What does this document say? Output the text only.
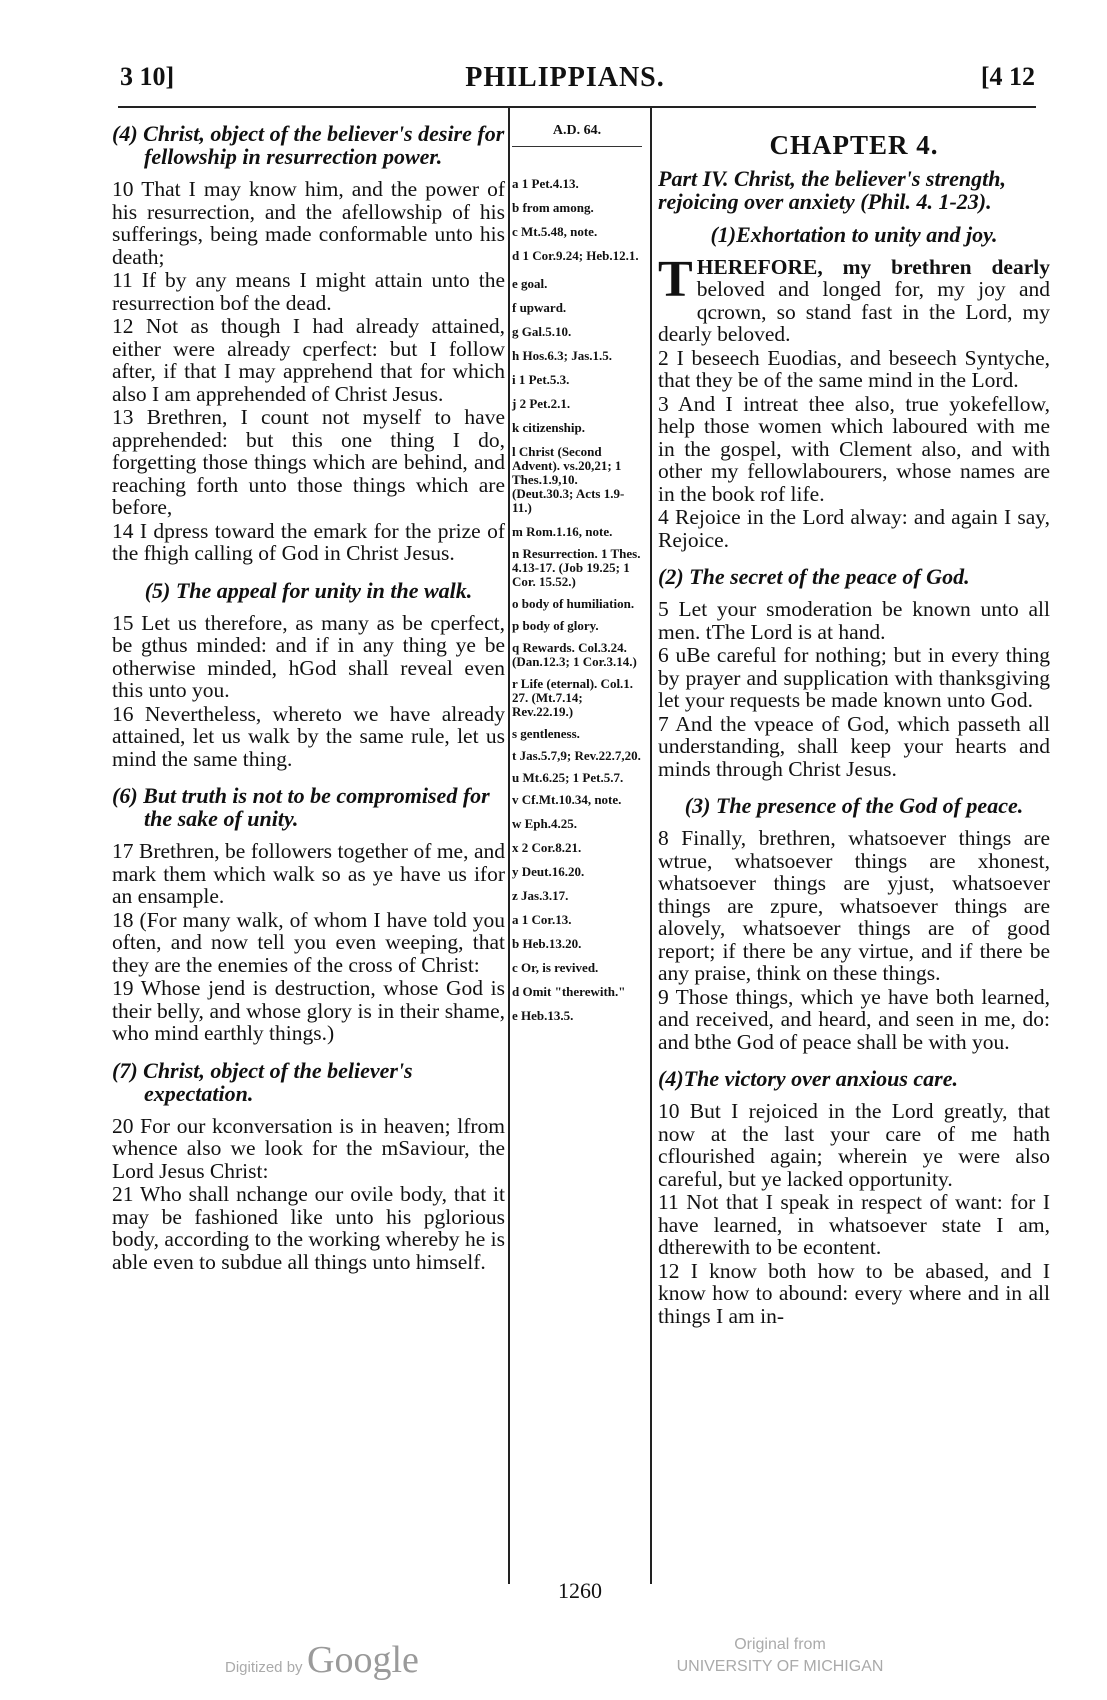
3 10]	PHILIPPIANS.	[4 12
(4) Christ, object of the believer's desire for fellowship in resurrection power.

10 That I may know him, and the power of his resurrection, and the afellowship of his sufferings, being made conformable unto his death;

11 If by any means I might attain unto the resurrection bof the dead.

12 Not as though I had already attained, either were already cperfect: but I follow after, if that I may apprehend that for which also I am apprehended of Christ Jesus.

13 Brethren, I count not myself to have apprehended: but this one thing I do, forgetting those things which are behind, and reaching forth unto those things which are before,

14 I dpress toward the emark for the prize of the fhigh calling of God in Christ Jesus.

(5) The appeal for unity in the walk.

15 Let us therefore, as many as be cperfect, be gthus minded: and if in any thing ye be otherwise minded, hGod shall reveal even this unto you.

16 Nevertheless, whereto we have already attained, let us walk by the same rule, let us mind the same thing.

(6) But truth is not to be compromised for the sake of unity.

17 Brethren, be followers together of me, and mark them which walk so as ye have us ifor an ensample.

18 (For many walk, of whom I have told you often, and now tell you even weeping, that they are the enemies of the cross of Christ:

19 Whose jend is destruction, whose God is their belly, and whose glory is in their shame, who mind earthly things.)

(7) Christ, object of the believer's expectation.

20 For our kconversation is in heaven; lfrom whence also we look for the mSaviour, the Lord Jesus Christ:

21 Who shall nchange our ovile body, that it may be fashioned like unto his pglorious body, according to the working whereby he is able even to subdue all things unto himself.

A.D. 64.
a 1 Pet.4.13.
b from among.
c Mt.5.48, note.
d 1 Cor.9.24; Heb.12.1.
e goal.
f upward.
g Gal.5.10.
h Hos.6.3; Jas.1.5.
i 1 Pet.5.3.
j 2 Pet.2.1.
k citizenship.
l Christ (Second Advent). vs.20,21; 1 Thes.1.9,10. (Deut.30.3; Acts 1.9-11.)
m Rom.1.16, note.
n Resurrection. 1 Thes. 4.13-17. (Job 19.25; 1 Cor. 15.52.)
o body of humiliation.
p body of glory.
q Rewards. Col.3.24. (Dan.12.3; 1 Cor.3.14.)
r Life (eternal). Col.1. 27. (Mt.7.14; Rev.22.19.)
s gentleness.
t Jas.5.7,9; Rev.22.7,20.
u Mt.6.25; 1 Pet.5.7.
v Cf.Mt.10.34, note.
w Eph.4.25.
x 2 Cor.8.21.
y Deut.16.20.
z Jas.3.17.
a 1 Cor.13.
b Heb.13.20.
c Or, is revived.
d Omit "therewith."
e Heb.13.5.
CHAPTER 4.
Part IV. Christ, the believer's strength, rejoicing over anxiety (Phil. 4. 1-23).
(1)Exhortation to unity and joy.

THEREFORE, my brethren dearly beloved and longed for, my joy and qcrown, so stand fast in the Lord, my dearly beloved.

2 I beseech Euodias, and beseech Syntyche, that they be of the same mind in the Lord.

3 And I intreat thee also, true yokefellow, help those women which laboured with me in the gospel, with Clement also, and with other my fellowlabourers, whose names are in the book rof life.

4 Rejoice in the Lord alway: and again I say, Rejoice.

(2) The secret of the peace of God.

5 Let your smoderation be known unto all men. tThe Lord is at hand.

6 uBe careful for nothing; but in every thing by prayer and supplication with thanksgiving let your requests be made known unto God.

7 And the vpeace of God, which passeth all understanding, shall keep your hearts and minds through Christ Jesus.

(3) The presence of the God of peace.

8 Finally, brethren, whatsoever things are wtrue, whatsoever things are xhonest, whatsoever things are yjust, whatsoever things are zpure, whatsoever things are alovely, whatsoever things are of good report; if there be any virtue, and if there be any praise, think on these things.

9 Those things, which ye have both learned, and received, and heard, and seen in me, do: and bthe God of peace shall be with you.

(4)The victory over anxious care.

10 But I rejoiced in the Lord greatly, that now at the last your care of me hath cflourished again; wherein ye were also careful, but ye lacked opportunity.

11 Not that I speak in respect of want: for I have learned, in whatsoever state I am, dtherewith to be econtent.

12 I know both how to be abased, and I know how to abound: every where and in all things I am in-

1260
Digitized by Google	Original from
UNIVERSITY OF MICHIGAN
